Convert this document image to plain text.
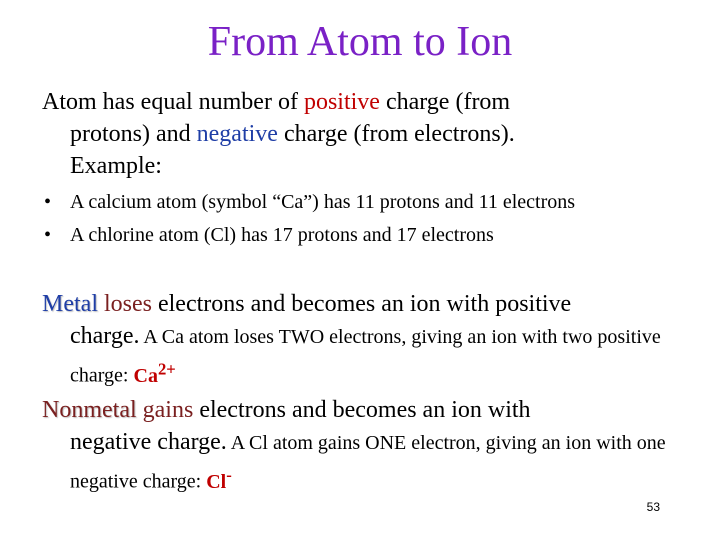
From Atom to Ion
Atom has equal number of positive charge (from
protons) and negative charge (from electrons).
Example:
• A calcium atom (symbol “Ca”) has 11 protons and 11 electrons
• A chlorine atom (Cl) has 17 protons and 17 electrons
Metal loses electrons and becomes an ion with positive
charge. A Ca atom loses TWO electrons, giving an ion with two positive charge: $Ca^{2+}$
Nonmetal gains electrons and becomes an ion with
negative charge. A Cl atom gains ONE electron, giving an ion with one negative charge: Cl-
53
